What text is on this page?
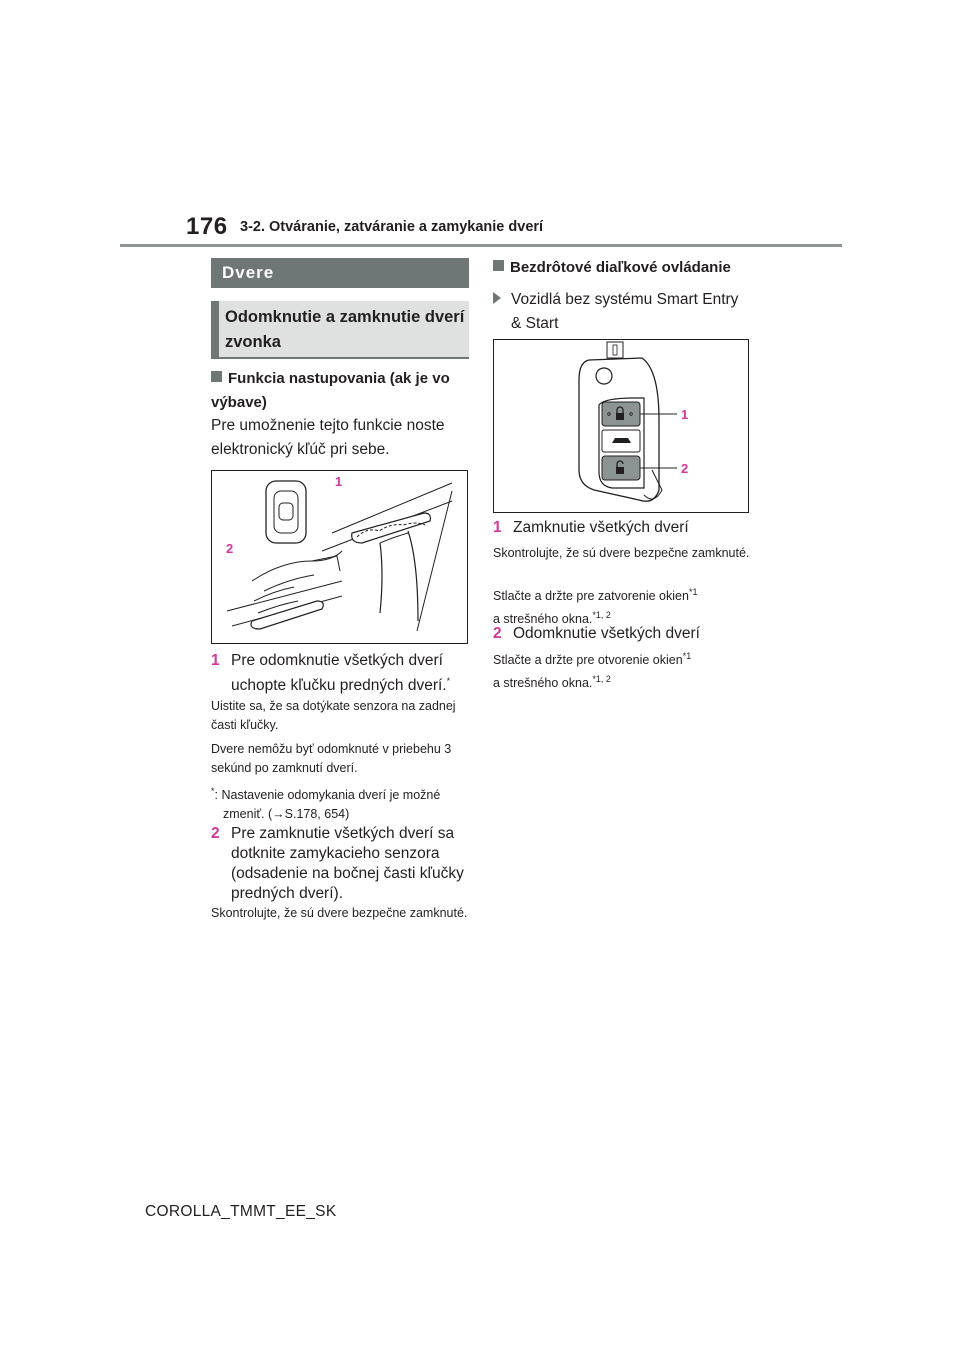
176 3-2. Otváranie, zatváranie a zamykanie dverí
Dvere
Odomknutie a zamknutie dverí zvonka
Funkcia nastupovania (ak je vo výbave)
Pre umožnenie tejto funkcie noste elektronický kľúč pri sebe.
1
2
1 Pre odomknutie všetkých dverí uchopte kľučku predných dverí.*
Uistite sa, že sa dotýkate senzora na zadnej časti kľučky.
Dvere nemôžu byť odomknuté v priebehu 3 sekúnd po zamknutí dverí.
*: Nastavenie odomykania dverí je možné zmeniť. (→S.178, 654)
2 Pre zamknutie všetkých dverí sa dotknite zamykacieho senzora (odsadenie na bočnej časti kľučky predných dverí).
Skontrolujte, že sú dvere bezpečne zamknuté.
Bezdrôtové diaľkové ovládanie
Vozidlá bez systému Smart Entry & Start
1
2
1 Zamknutie všetkých dverí
Skontrolujte, že sú dvere bezpečne zamknuté.
Stlačte a držte pre zatvorenie okien$^{*1}$
a strešného okna.$^{*1, 2}$
2 Odomknutie všetkých dverí
Stlačte a držte pre otvorenie okien$^{*1}$
a strešného okna.$^{*1, 2}$
COROLLA_TMMT_EE_SK
